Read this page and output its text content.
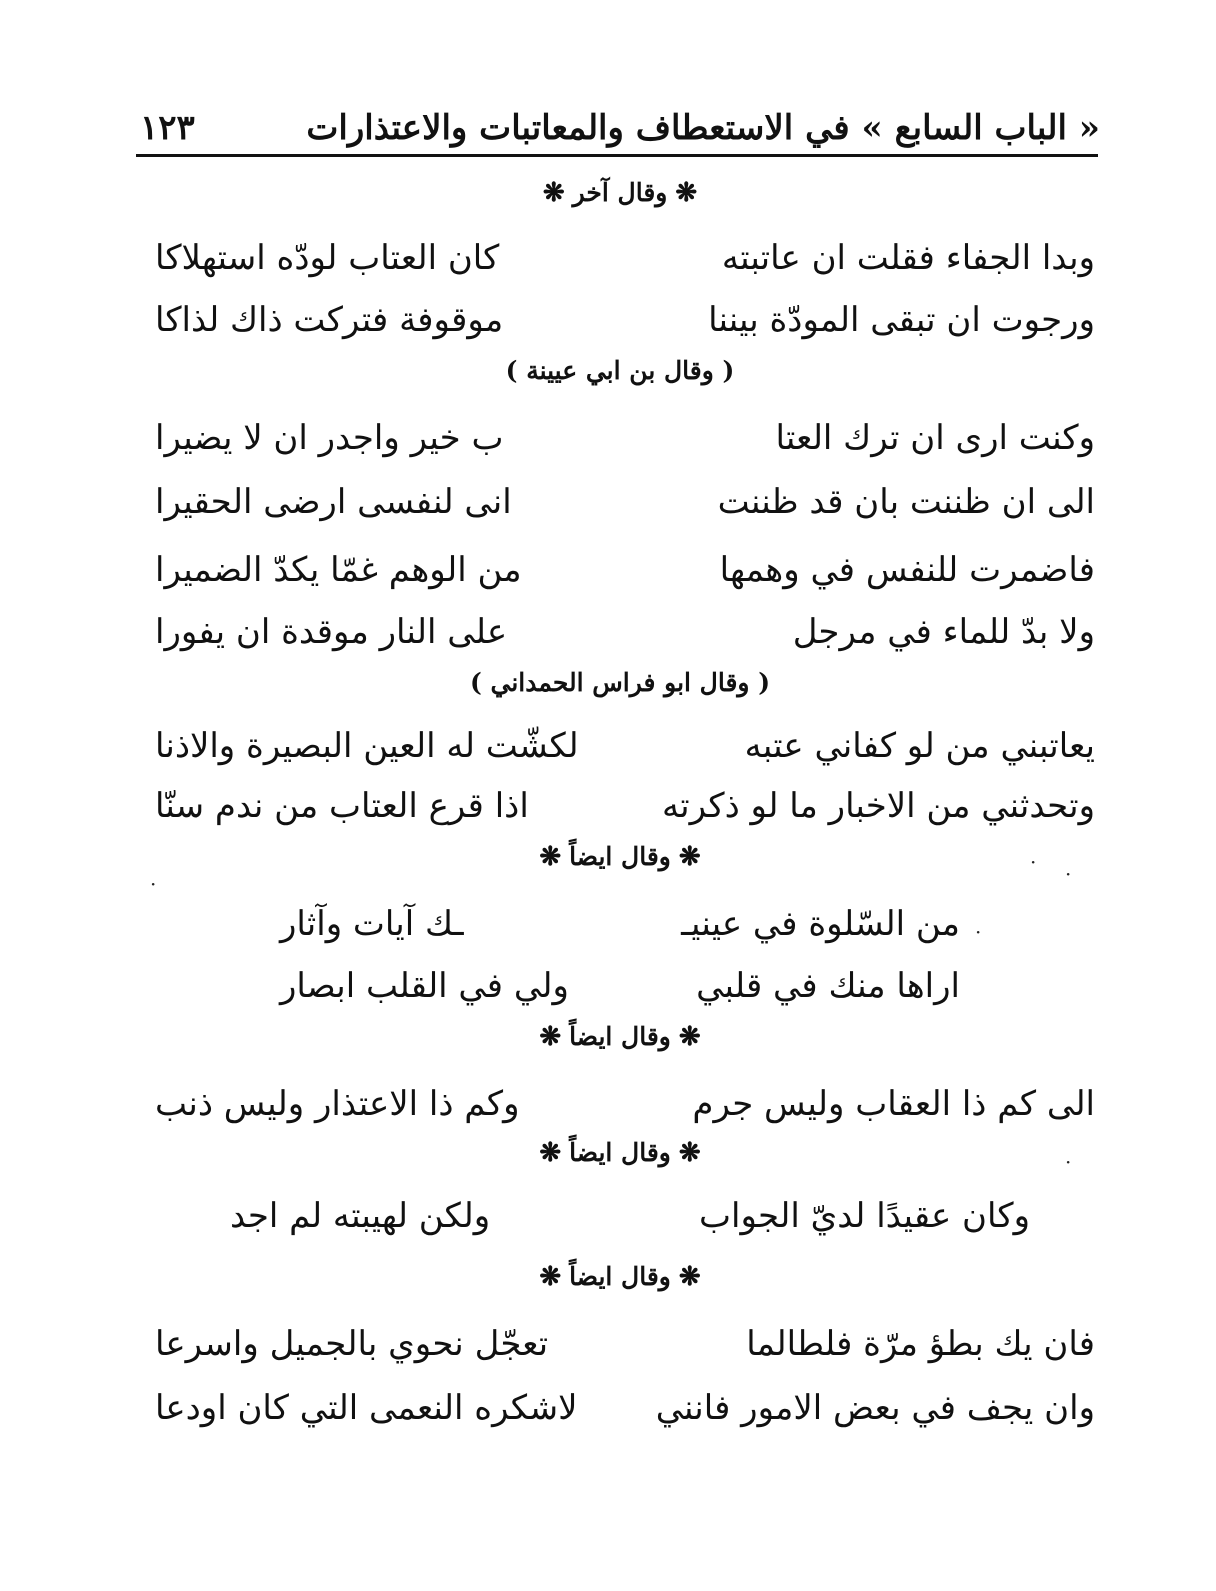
« الباب السابع » في الاستعطاف والمعاتبات والاعتذارات
١٢٣
❋وقال آخر❋
وبدا الجفاء فقلت ان عاتبته
كان العتاب لودّه استهلاكا
ورجوت ان تبقى المودّة بيننا
موقوفة فتركت ذاك لذاكا
( وقال بن ابي عيينة )
وكنت ارى ان ترك العتا
ب خير واجدر ان لا يضيرا
الى ان ظننت بان قد ظننت
انى لنفسى ارضى الحقيرا
فاضمرت للنفس في وهمها
من الوهم غمّا يكدّ الضميرا
ولا بدّ للماء في مرجل
على النار موقدة ان يفورا
( وقال ابو فراس الحمداني )
يعاتبني من لو كفاني عتبه
لكشّت له العين البصيرة والاذنا
وتحدثني من الاخبار ما لو ذكرته
اذا قرع العتاب من ندم سنّا
❋وقال ايضاً❋
من السّلوة في عينيـ
ـك آيات وآثار
اراها منك في قلبي
ولي في القلب ابصار
❋وقال ايضاً❋
الى كم ذا العقاب وليس جرم
وكم ذا الاعتذار وليس ذنب
❋وقال ايضاً❋
وكان عقيدًا لديّ الجواب
ولكن لهيبته لم اجد
❋وقال ايضاً❋
فان يك بطؤ مرّة فلطالما
تعجّل نحوي بالجميل واسرعا
وان يجف في بعض الامور فانني
لاشكره النعمى التي كان اودعا
·
· ·
·
·
